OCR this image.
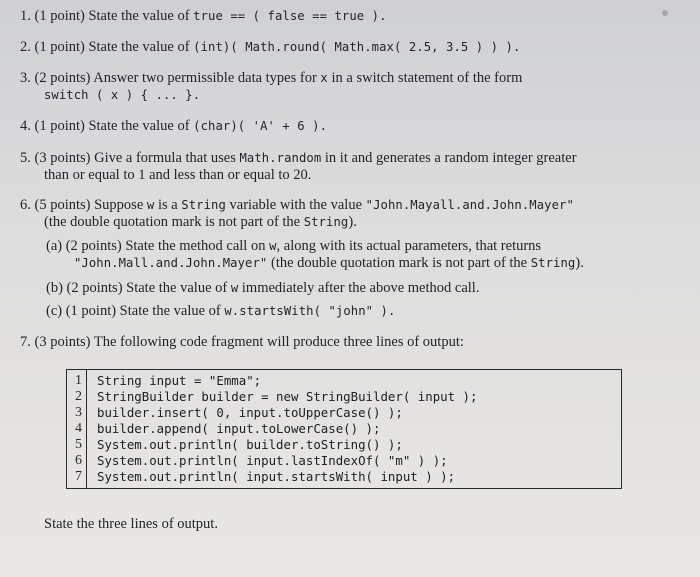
1. (1 point) State the value of true == ( false == true ).
2. (1 point) State the value of (int)( Math.round( Math.max( 2.5, 3.5 ) ) ).
3. (2 points) Answer two permissible data types for x in a switch statement of the form
switch ( x ) { ... }.
4. (1 point) State the value of (char)( 'A' + 6 ).
5. (3 points) Give a formula that uses Math.random in it and generates a random integer greater
than or equal to 1 and less than or equal to 20.
6. (5 points) Suppose w is a String variable with the value "John.Mayall.and.John.Mayer"
(the double quotation mark is not part of the String).
(a) (2 points) State the method call on w, along with its actual parameters, that returns
"John.Mall.and.John.Mayer" (the double quotation mark is not part of the String).
(b) (2 points) State the value of w immediately after the above method call.
(c) (1 point) State the value of w.startsWith( "john" ).
7. (3 points) The following code fragment will produce three lines of output:
1
2
3
4
5
6
7
String input = "Emma";
StringBuilder builder = new StringBuilder( input );
builder.insert( 0, input.toUpperCase() );
builder.append( input.toLowerCase() );
System.out.println( builder.toString() );
System.out.println( input.lastIndexOf( "m" ) );
System.out.println( input.startsWith( input ) );
State the three lines of output.
